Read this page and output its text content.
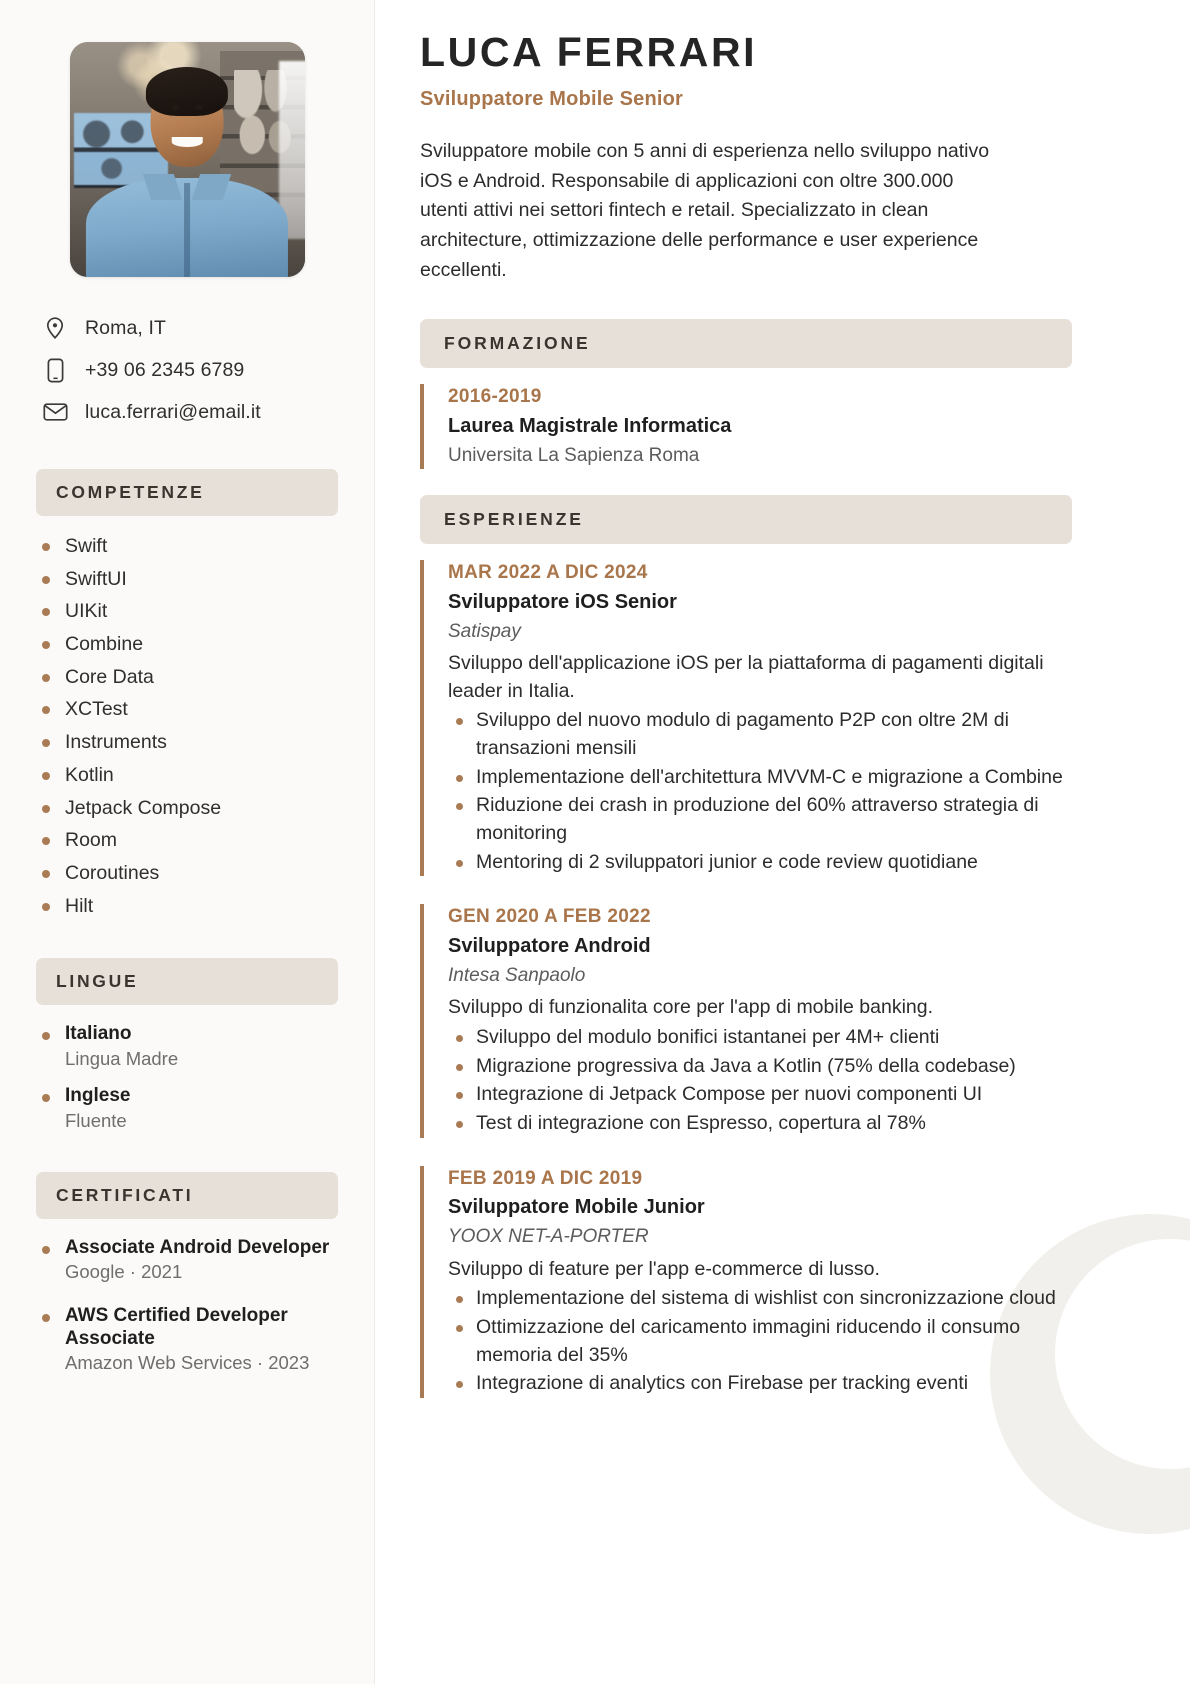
Roma, IT
+39 06 2345 6789
luca.ferrari@email.it
COMPETENZE
Swift
SwiftUI
UIKit
Combine
Core Data
XCTest
Instruments
Kotlin
Jetpack Compose
Room
Coroutines
Hilt
LINGUE
Italiano
Lingua Madre
Inglese
Fluente
CERTIFICATI
Associate Android Developer
Google · 2021
AWS Certified Developer Associate
Amazon Web Services · 2023
LUCA FERRARI
Sviluppatore Mobile Senior

Sviluppatore mobile con 5 anni di esperienza nello sviluppo nativo iOS e Android. Responsabile di applicazioni con oltre 300.000 utenti attivi nei settori fintech e retail. Specializzato in clean architecture, ottimizzazione delle performance e user experience eccellenti.

FORMAZIONE
2016-2019
Laurea Magistrale Informatica
Universita La Sapienza Roma
ESPERIENZE
MAR 2022 A DIC 2024
Sviluppatore iOS Senior
Satispay
Sviluppo dell'applicazione iOS per la piattaforma di pagamenti digitali leader in Italia.
Sviluppo del nuovo modulo di pagamento P2P con oltre 2M di transazioni mensili
Implementazione dell'architettura MVVM-C e migrazione a Combine
Riduzione dei crash in produzione del 60% attraverso strategia di monitoring
Mentoring di 2 sviluppatori junior e code review quotidiane
GEN 2020 A FEB 2022
Sviluppatore Android
Intesa Sanpaolo
Sviluppo di funzionalita core per l'app di mobile banking.
Sviluppo del modulo bonifici istantanei per 4M+ clienti
Migrazione progressiva da Java a Kotlin (75% della codebase)
Integrazione di Jetpack Compose per nuovi componenti UI
Test di integrazione con Espresso, copertura al 78%
FEB 2019 A DIC 2019
Sviluppatore Mobile Junior
YOOX NET-A-PORTER
Sviluppo di feature per l'app e-commerce di lusso.
Implementazione del sistema di wishlist con sincronizzazione cloud
Ottimizzazione del caricamento immagini riducendo il consumo memoria del 35%
Integrazione di analytics con Firebase per tracking eventi
